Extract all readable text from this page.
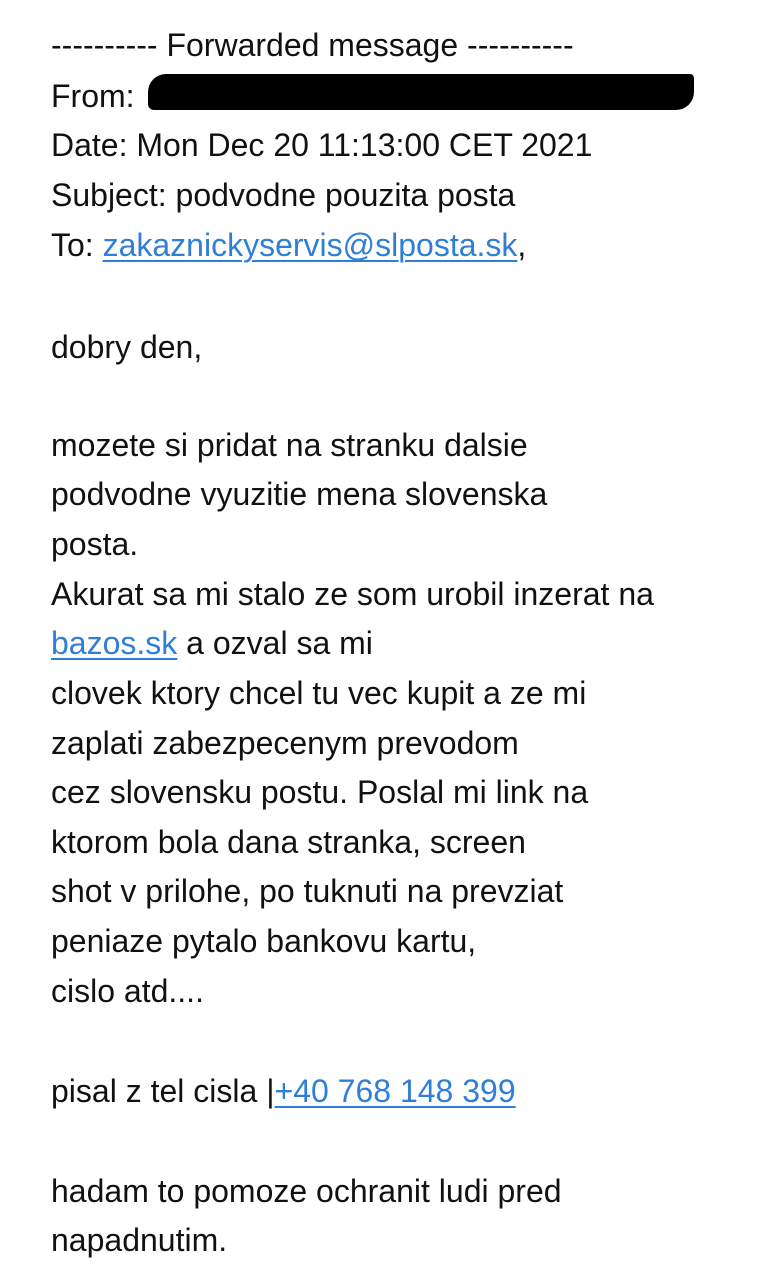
---------- Forwarded message ----------
From:
Date: Mon Dec 20 11:13:00 CET 2021
Subject: podvodne pouzita posta
To: zakaznickyservis@slposta.sk,
dobry den,
mozete si pridat na stranku dalsie
podvodne vyuzitie mena slovenska
posta.
Akurat sa mi stalo ze som urobil inzerat na
bazos.sk a ozval sa mi
clovek ktory chcel tu vec kupit a ze mi
zaplati zabezpecenym prevodom
cez slovensku postu. Poslal mi link na
ktorom bola dana stranka, screen
shot v prilohe, po tuknuti na prevziat
peniaze pytalo bankovu kartu,
cislo atd....
pisal z tel cisla |+40 768 148 399
hadam to pomoze ochranit ludi pred
napadnutim.
